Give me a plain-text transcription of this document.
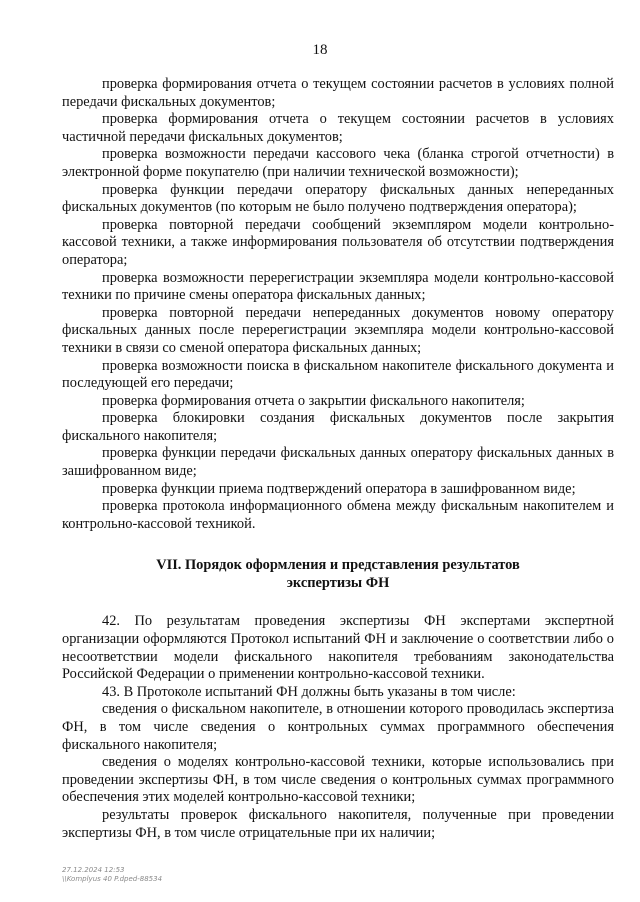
18

проверка формирования отчета о текущем состоянии расчетов в условиях полной передачи фискальных документов;

проверка формирования отчета о текущем состоянии расчетов в условиях частичной передачи фискальных документов;

проверка возможности передачи кассового чека (бланка строгой отчетности) в электронной форме покупателю (при наличии технической возможности);

проверка функции передачи оператору фискальных данных непереданных фискальных документов (по которым не было получено подтверждения оператора);

проверка повторной передачи сообщений экземпляром модели контрольно-кассовой техники, а также информирования пользователя об отсутствии подтверждения оператора;

проверка возможности перерегистрации экземпляра модели контрольно-кассовой техники по причине смены оператора фискальных данных;

проверка повторной передачи непереданных документов новому оператору фискальных данных после перерегистрации экземпляра модели контрольно-кассовой техники в связи со сменой оператора фискальных данных;

проверка возможности поиска в фискальном накопителе фискального документа и последующей его передачи;

проверка формирования отчета о закрытии фискального накопителя;

проверка блокировки создания фискальных документов после закрытия фискального накопителя;

проверка функции передачи фискальных данных оператору фискальных данных в зашифрованном виде;

проверка функции приема подтверждений оператора в зашифрованном виде;

проверка протокола информационного обмена между фискальным накопителем и контрольно-кассовой техникой.

VII. Порядок оформления и представления результатов
экспертизы ФН

42. По результатам проведения экспертизы ФН экспертами экспертной организации оформляются Протокол испытаний ФН и заключение о соответствии либо о несоответствии модели фискального накопителя требованиям законодательства Российской Федерации о применении контрольно-кассовой техники.

43. В Протоколе испытаний ФН должны быть указаны в том числе:

сведения о фискальном накопителе, в отношении которого проводилась экспертиза ФН, в том числе сведения о контрольных суммах программного обеспечения фискального накопителя;

сведения о моделях контрольно-кассовой техники, которые использовались при проведении экспертизы ФН, в том числе сведения о контрольных суммах программного обеспечения этих моделей контрольно-кассовой техники;

результаты проверок фискального накопителя, полученные при проведении экспертизы ФН, в том числе отрицательные при их наличии;

27.12.2024 12:53
\\Komplyus 40 P.dped-88534
